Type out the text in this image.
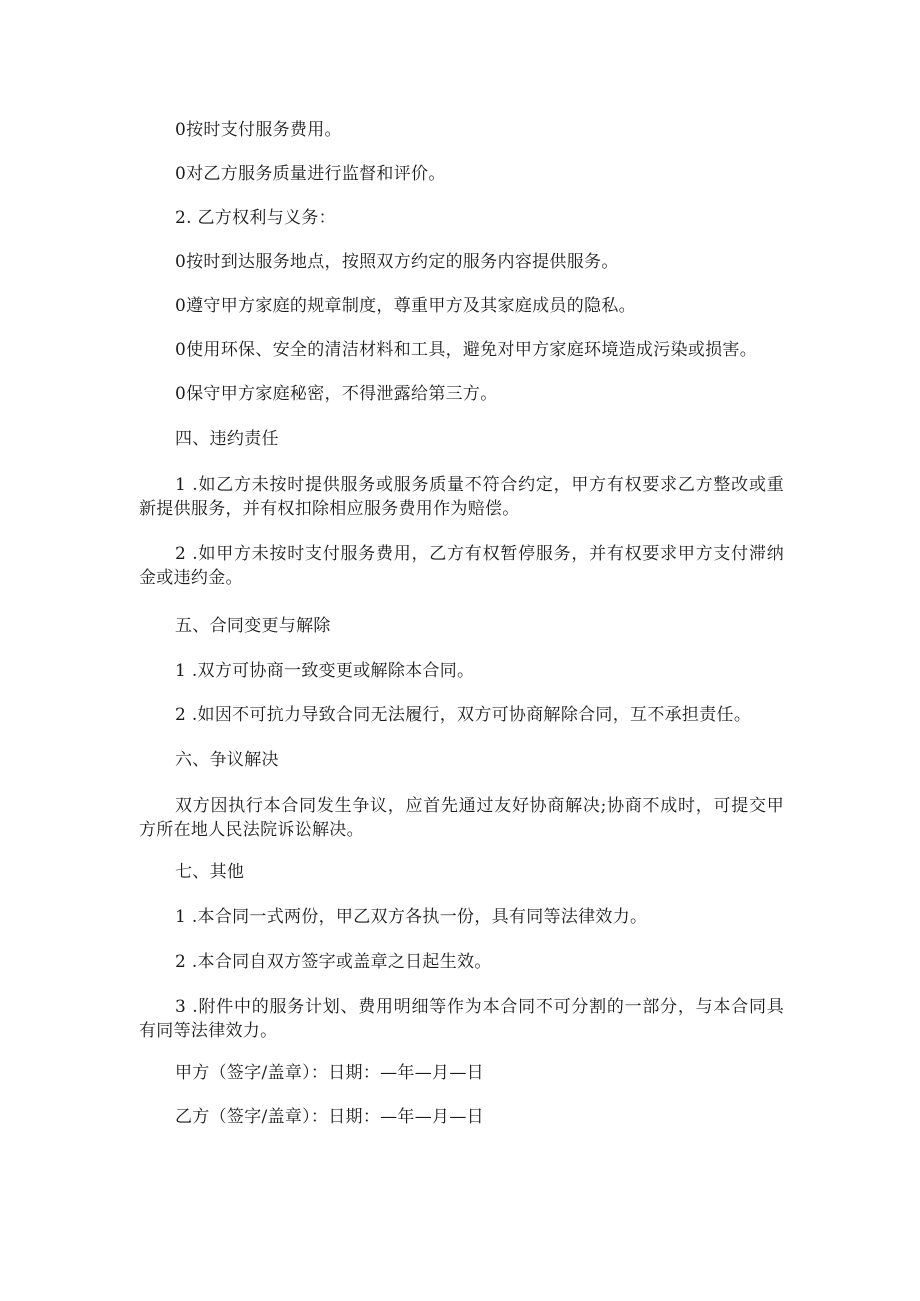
0按时支付服务费用。
0对乙方服务质量进行监督和评价。
2. 乙方权利与义务：
0按时到达服务地点，按照双方约定的服务内容提供服务。
0遵守甲方家庭的规章制度，尊重甲方及其家庭成员的隐私。
0使用环保、安全的清洁材料和工具，避免对甲方家庭环境造成污染或损害。
0保守甲方家庭秘密，不得泄露给第三方。
四、违约责任
1 .如乙方未按时提供服务或服务质量不符合约定，甲方有权要求乙方整改或重新提供服务，并有权扣除相应服务费用作为赔偿。
2 .如甲方未按时支付服务费用，乙方有权暂停服务，并有权要求甲方支付滞纳金或违约金。
五、合同变更与解除
1 .双方可协商一致变更或解除本合同。
2 .如因不可抗力导致合同无法履行，双方可协商解除合同，互不承担责任。
六、争议解决
双方因执行本合同发生争议，应首先通过友好协商解决;协商不成时，可提交甲方所在地人民法院诉讼解决。
七、其他
1 .本合同一式两份，甲乙双方各执一份，具有同等法律效力。
2 .本合同自双方签字或盖章之日起生效。
3 .附件中的服务计划、费用明细等作为本合同不可分割的一部分，与本合同具有同等法律效力。
甲方（签字/盖章）：日期：—年—月—日
乙方（签字/盖章）：日期：—年—月—日
